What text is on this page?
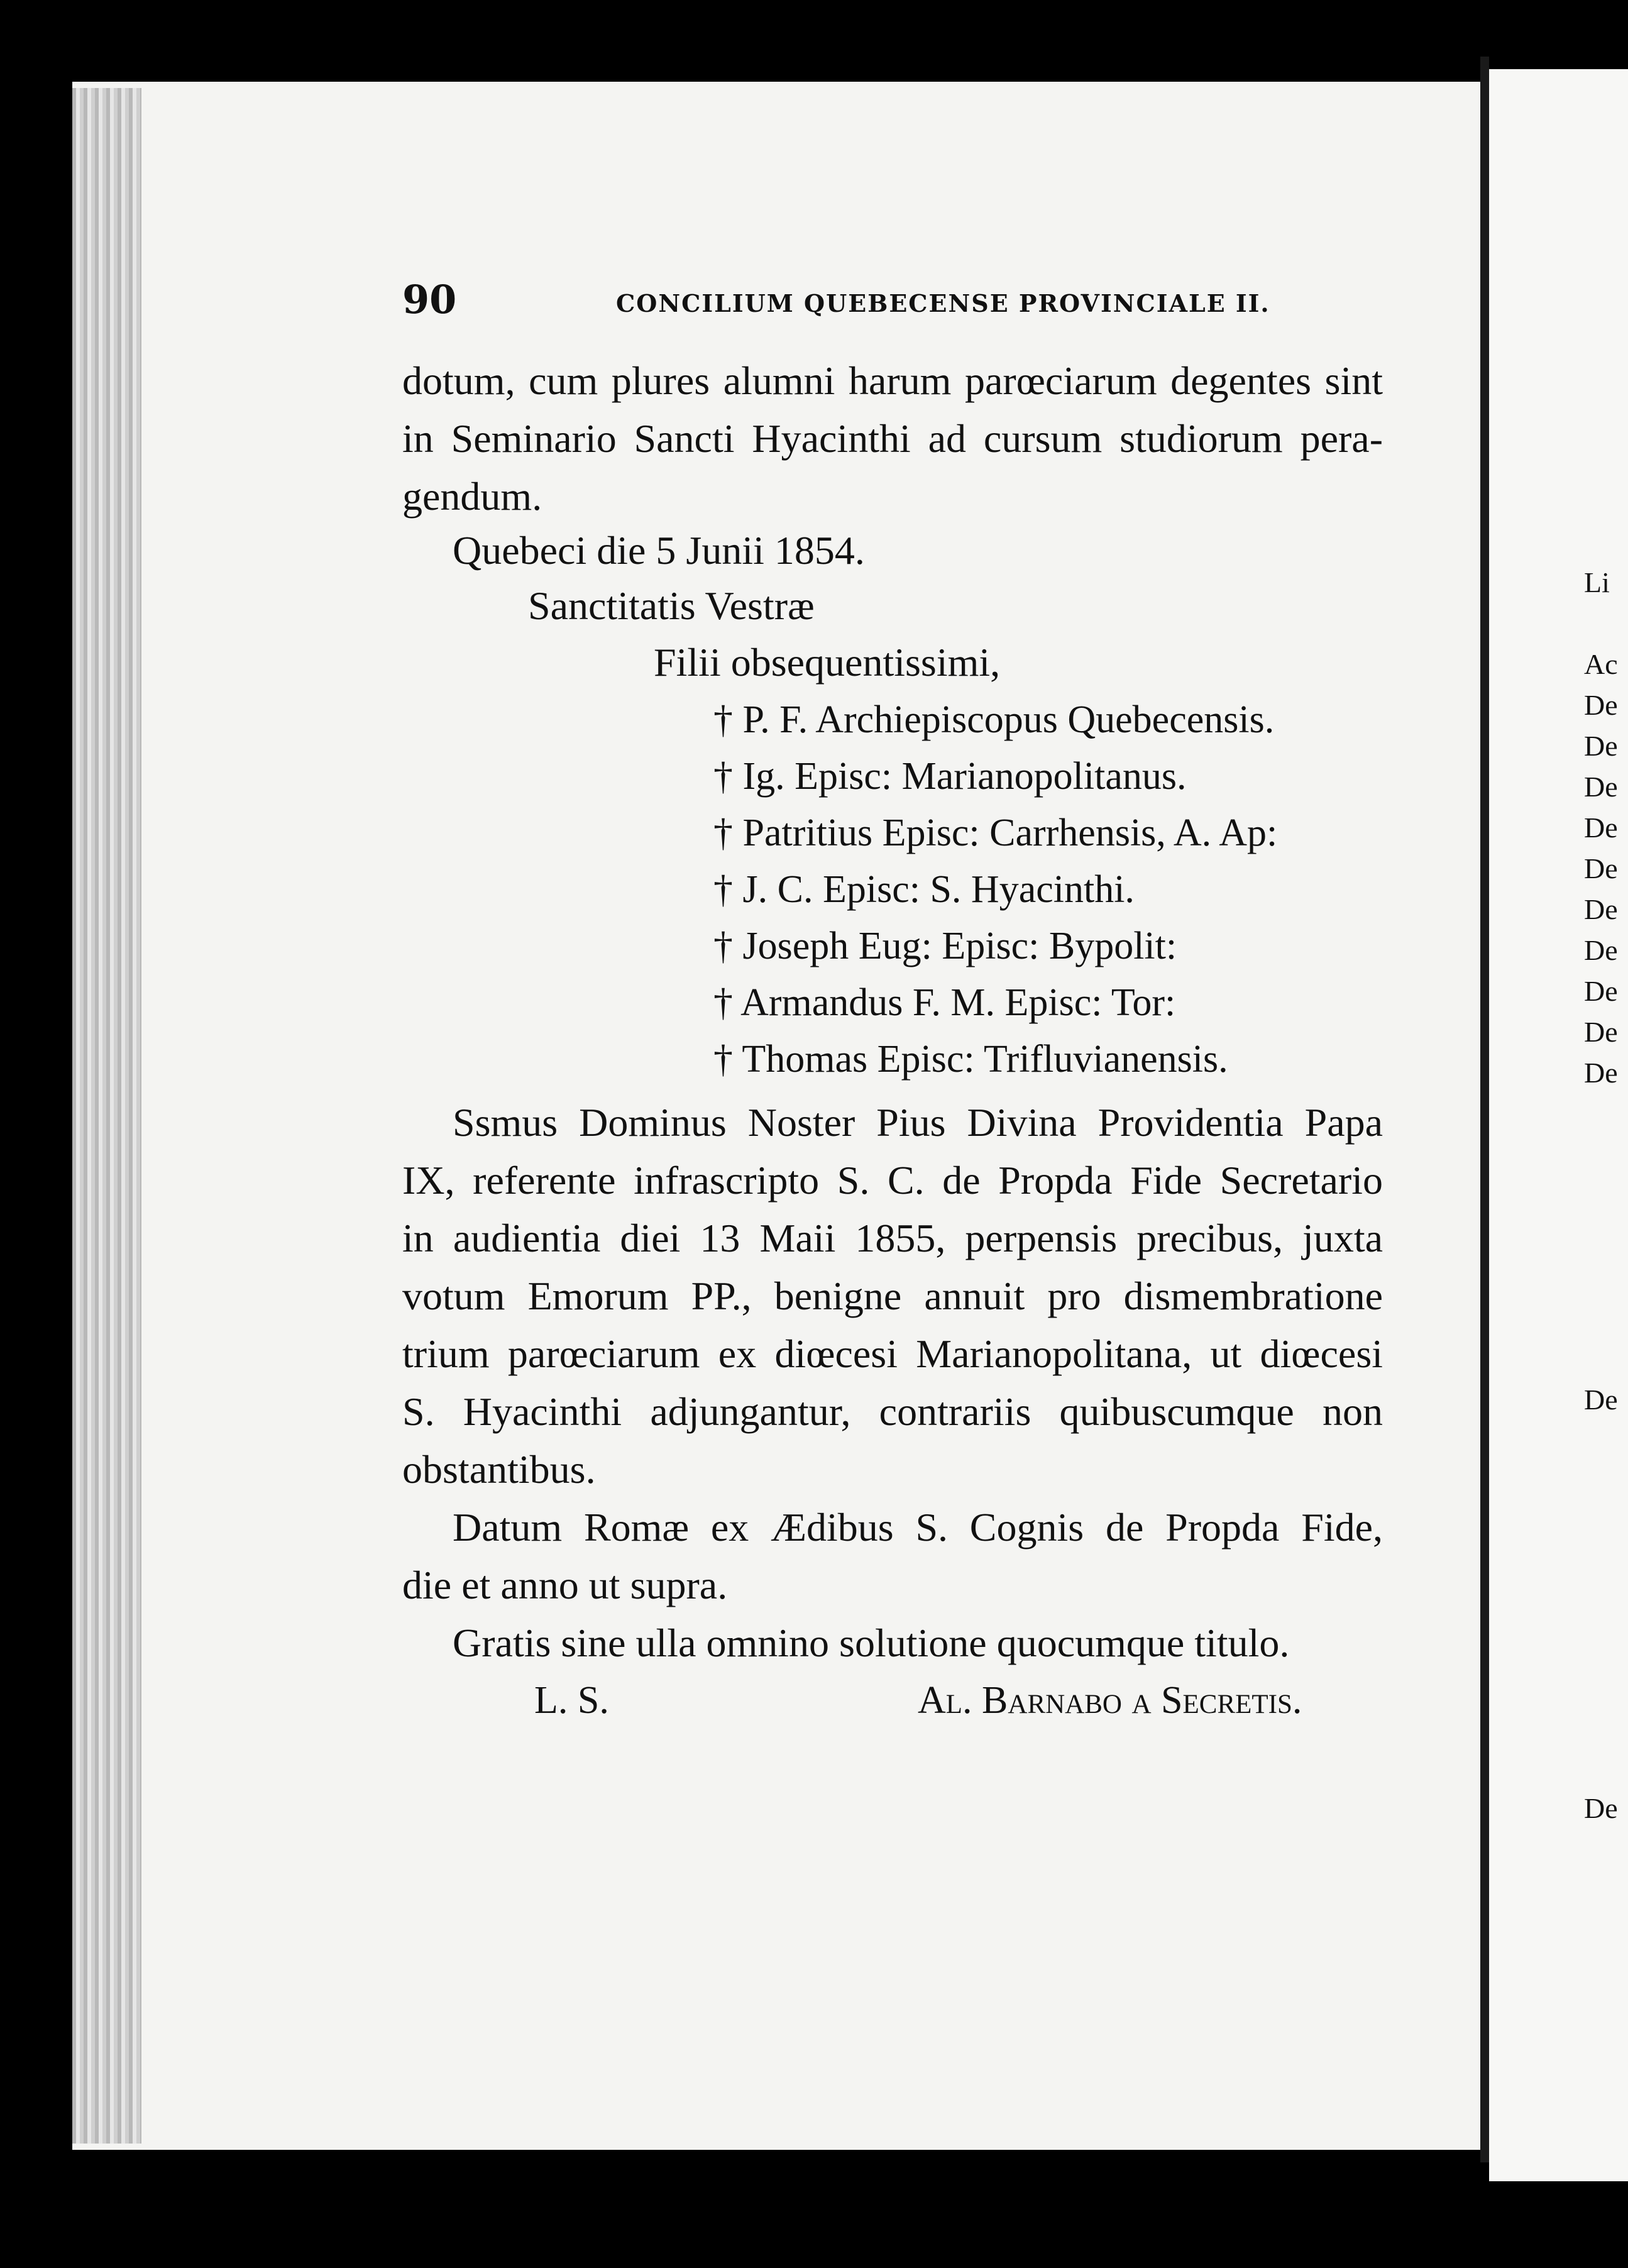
90	CONCILIUM QUEBECENSE PROVINCIALE II.
dotum, cum plures alumni harum parœciarum degentes sint
in Seminario Sancti Hyacinthi ad cursum studiorum pera-
gendum.
Quebeci die 5 Junii 1854.
Sanctitatis Vestræ
Filii obsequentissimi,
† P. F. Archiepiscopus Quebecensis.
† Ig. Episc: Marianopolitanus.
† Patritius Episc: Carrhensis, A. Ap:
† J. C. Episc: S. Hyacinthi.
† Joseph Eug: Episc: Bypolit:
† Armandus F. M. Episc: Tor:
† Thomas Episc: Trifluvianensis.
Ssmus Dominus Noster Pius Divina Providentia Papa
IX, referente infrascripto S. C. de Propda Fide Secretario
in audientia diei 13 Maii 1855, perpensis precibus, juxta
votum Emorum PP., benigne annuit pro dismembratione
trium parœciarum ex diœcesi Marianopolitana, ut diœcesi
S. Hyacinthi adjungantur, contrariis quibuscumque non
obstantibus.
Datum Romæ ex Ædibus S. Cognis de Propda Fide,
die et anno ut supra.
Gratis sine ulla omnino solutione quocumque titulo.
L. S.	Al. Barnabo a Secretis.
Li
Ac
De
De
De
De
De
De
De
De
De
De
De
De
